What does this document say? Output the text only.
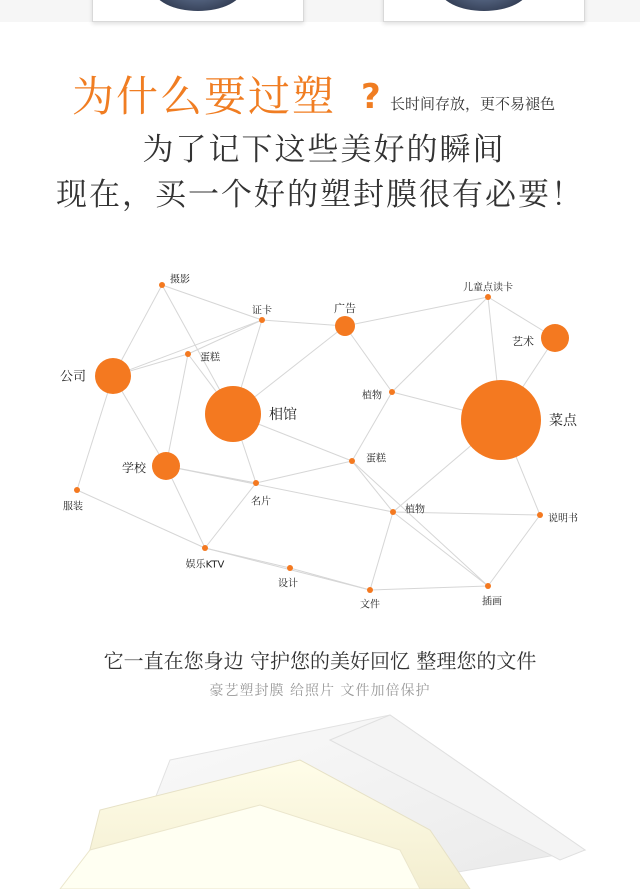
为什么要过塑 ? 长时间存放，更不易褪色
为了记下这些美好的瞬间
现在，买一个好的塑封膜很有必要！
相馆	菜点
公司
学校
广告
艺术
摄影
证卡
蛋糕
儿童点读卡
植物
蛋糕
服装	名片
植物
说明书
娱乐KTV
设计
文件	插画
它一直在您身边 守护您的美好回忆 整理您的文件
豪艺塑封膜 给照片 文件加倍保护
